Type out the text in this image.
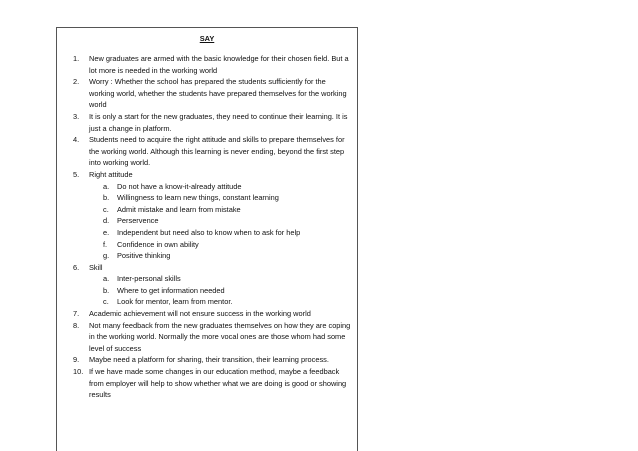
SAY
1. New graduates are armed with the basic knowledge for their chosen field. But a lot more is needed in the working world
2. Worry : Whether the school has prepared the students sufficiently for the working world, whether the students have prepared themselves for the working world
3. It is only a start for the new graduates, they need to continue their learning. It is just a change in platform.
4. Students need to acquire the right attitude and skills to prepare themselves for the working world. Although this learning is never ending, beyond the first step into working world.
5. Right attitude
a. Do not have a know-it-already attitude
b. Willingness to learn new things, constant learning
c. Admit mistake and learn from mistake
d. Perservence
e. Independent but need also to know when to ask for help
f. Confidence in own ability
g. Positive thinking
6. Skill
a. Inter-personal skills
b. Where to get information needed
c. Look for mentor, learn from mentor.
7. Academic achievement will not ensure success in the working world
8. Not many feedback from the new graduates themselves on how they are coping in the working world. Normally the more vocal ones are those whom had some level of success
9. Maybe need a platform for sharing, their transition, their learning process.
10. If we have made some changes in our education method, maybe a feedback from employer will help to show whether what we are doing is good or showing results
